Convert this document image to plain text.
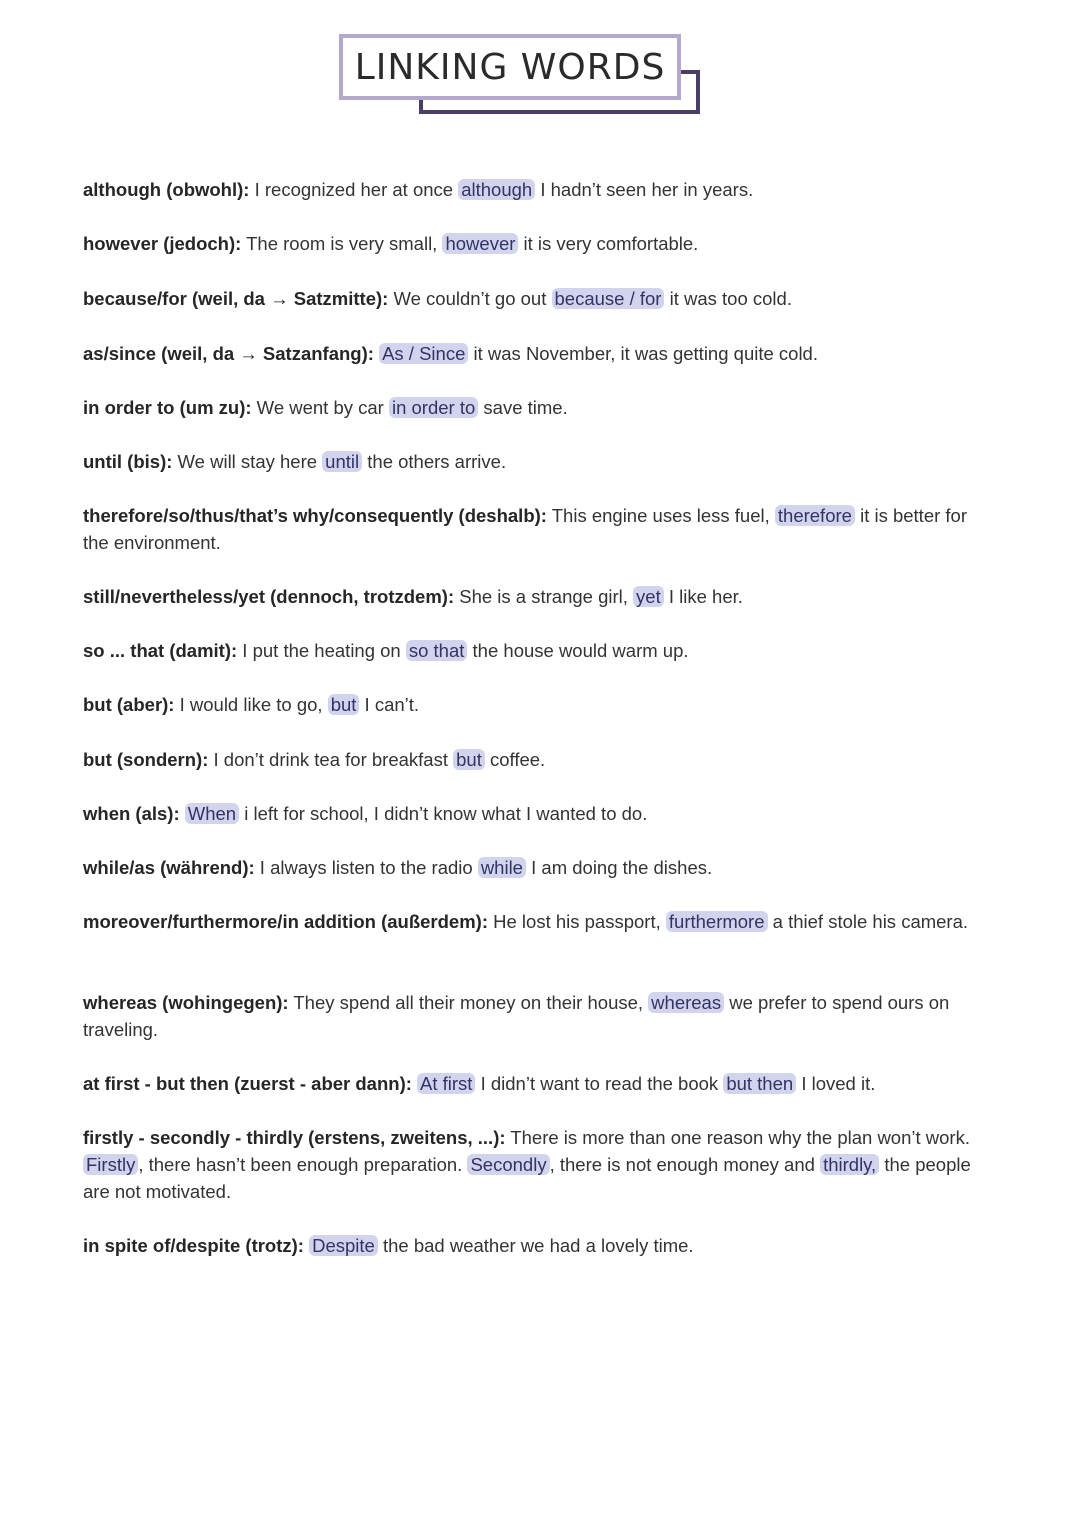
LINKING WORDS
although (obwohl): I recognized her at once although I hadn’t seen her in years.
however (jedoch): The room is very small, however it is very comfortable.
because/for (weil, da → Satzmitte): We couldn’t go out because / for it was too cold.
as/since (weil, da → Satzanfang): As / Since it was November, it was getting quite cold.
in order to (um zu): We went by car in order to save time.
until (bis): We will stay here until the others arrive.
therefore/so/thus/that’s why/consequently (deshalb): This engine uses less fuel, therefore it is better for the environment.
still/nevertheless/yet (dennoch, trotzdem): She is a strange girl, yet I like her.
so ... that (damit): I put the heating on so that the house would warm up.
but (aber): I would like to go, but I can’t.
but (sondern): I don’t drink tea for breakfast but coffee.
when (als): When i left for school, I didn’t know what I wanted to do.
while/as (während): I always listen to the radio while I am doing the dishes.
moreover/furthermore/in addition (außerdem): He lost his passport, furthermore a thief stole his camera.
whereas (wohingegen): They spend all their money on their house, whereas we prefer to spend ours on traveling.
at first - but then (zuerst - aber dann): At first I didn’t want to read the book but then I loved it.
firstly - secondly - thirdly (erstens, zweitens, ...): There is more than one reason why the plan won’t work. Firstly , there hasn’t been enough preparation. Secondly , there is not enough money and thirdly, the people are not motivated.
in spite of/despite (trotz): Despite the bad weather we had a lovely time.
